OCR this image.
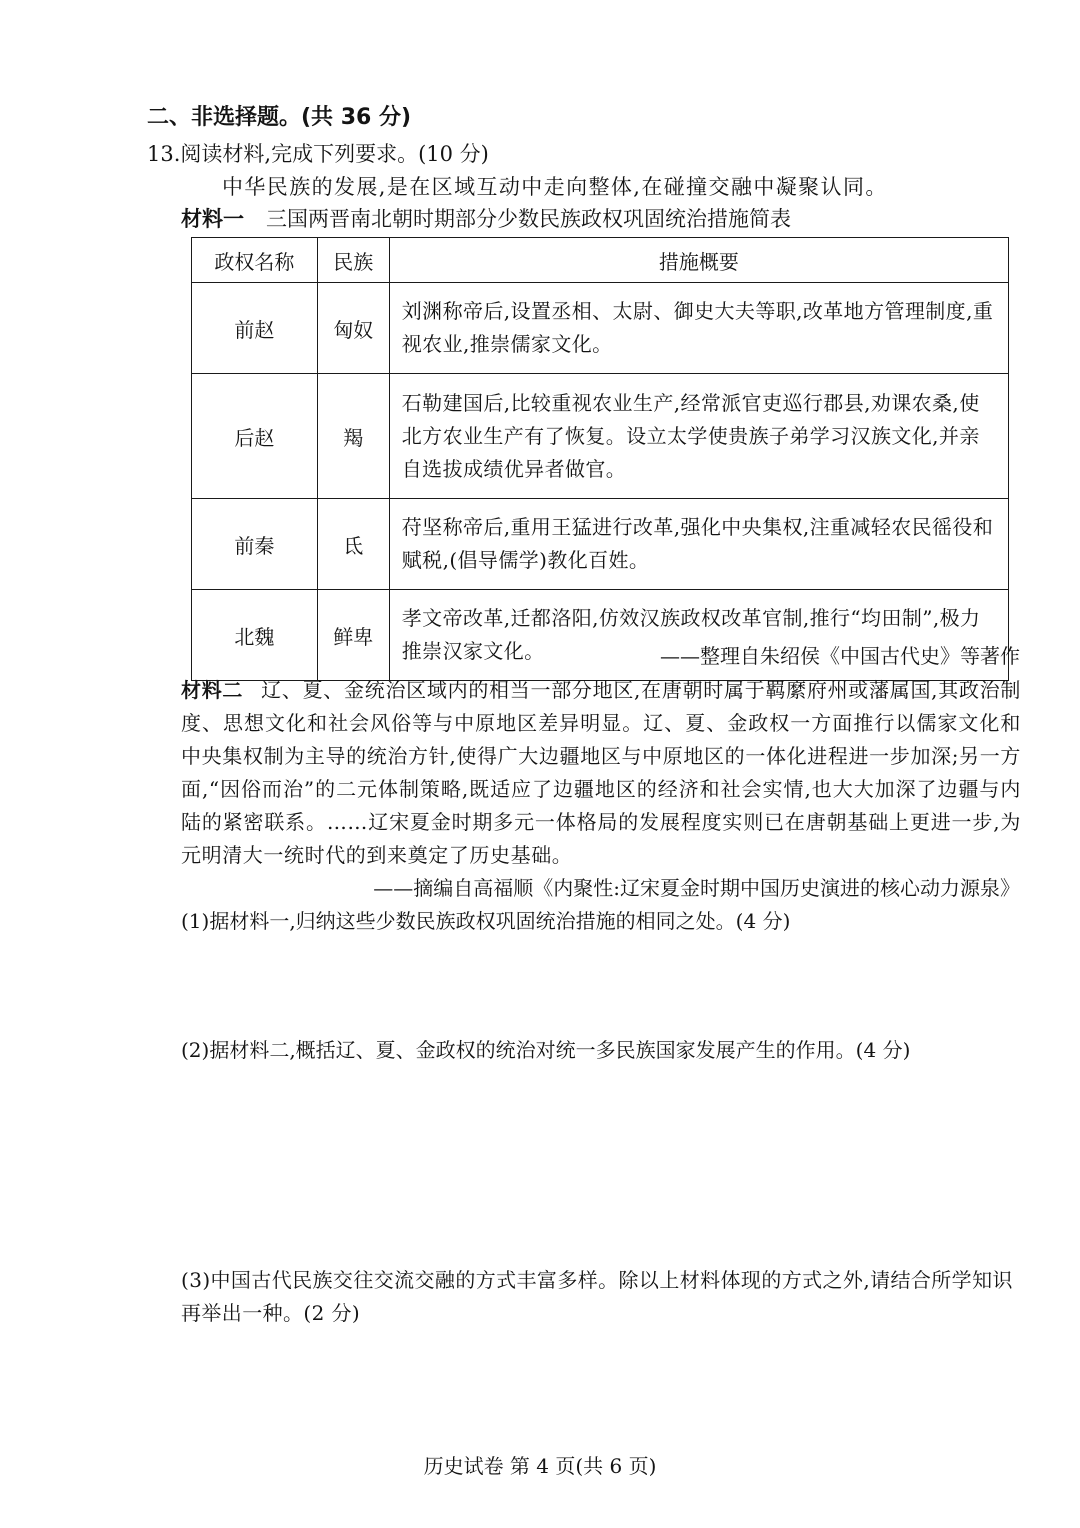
二、非选择题。(共 36 分)
13.阅读材料,完成下列要求。(10 分)
中华民族的发展,是在区域互动中走向整体,在碰撞交融中凝聚认同。
材料一 三国两晋南北朝时期部分少数民族政权巩固统治措施简表
政权名称	民族	措施概要
前赵	匈奴	刘渊称帝后,设置丞相、太尉、御史大夫等职,改革地方管理制度,重视农业,推崇儒家文化。
后赵	羯	石勒建国后,比较重视农业生产,经常派官吏巡行郡县,劝课农桑,使北方农业生产有了恢复。设立太学使贵族子弟学习汉族文化,并亲自选拔成绩优异者做官。
前秦	氐	苻坚称帝后,重用王猛进行改革,强化中央集权,注重减轻农民徭役和赋税,(倡导儒学)教化百姓。
北魏	鲜卑	孝文帝改革,迁都洛阳,仿效汉族政权改革官制,推行“均田制”,极力推崇汉家文化。	——整理自朱绍侯《中国古代史》等著作
材料二 辽、夏、金统治区域内的相当一部分地区,在唐朝时属于羁縻府州或藩属国,其政治制度、思想文化和社会风俗等与中原地区差异明显。辽、夏、金政权一方面推行以儒家文化和中央集权制为主导的统治方针,使得广大边疆地区与中原地区的一体化进程进一步加深;另一方面,“因俗而治”的二元体制策略,既适应了边疆地区的经济和社会实情,也大大加深了边疆与内陆的紧密联系。……辽宋夏金时期多元一体格局的发展程度实则已在唐朝基础上更进一步,为元明清大一统时代的到来奠定了历史基础。
——摘编自高福顺《内聚性:辽宋夏金时期中国历史演进的核心动力源泉》
(1)据材料一,归纳这些少数民族政权巩固统治措施的相同之处。(4 分)
(2)据材料二,概括辽、夏、金政权的统治对统一多民族国家发展产生的作用。(4 分)
(3)中国古代民族交往交流交融的方式丰富多样。除以上材料体现的方式之外,请结合所学知识再举出一种。(2 分)
历史试卷 第 4 页(共 6 页)
